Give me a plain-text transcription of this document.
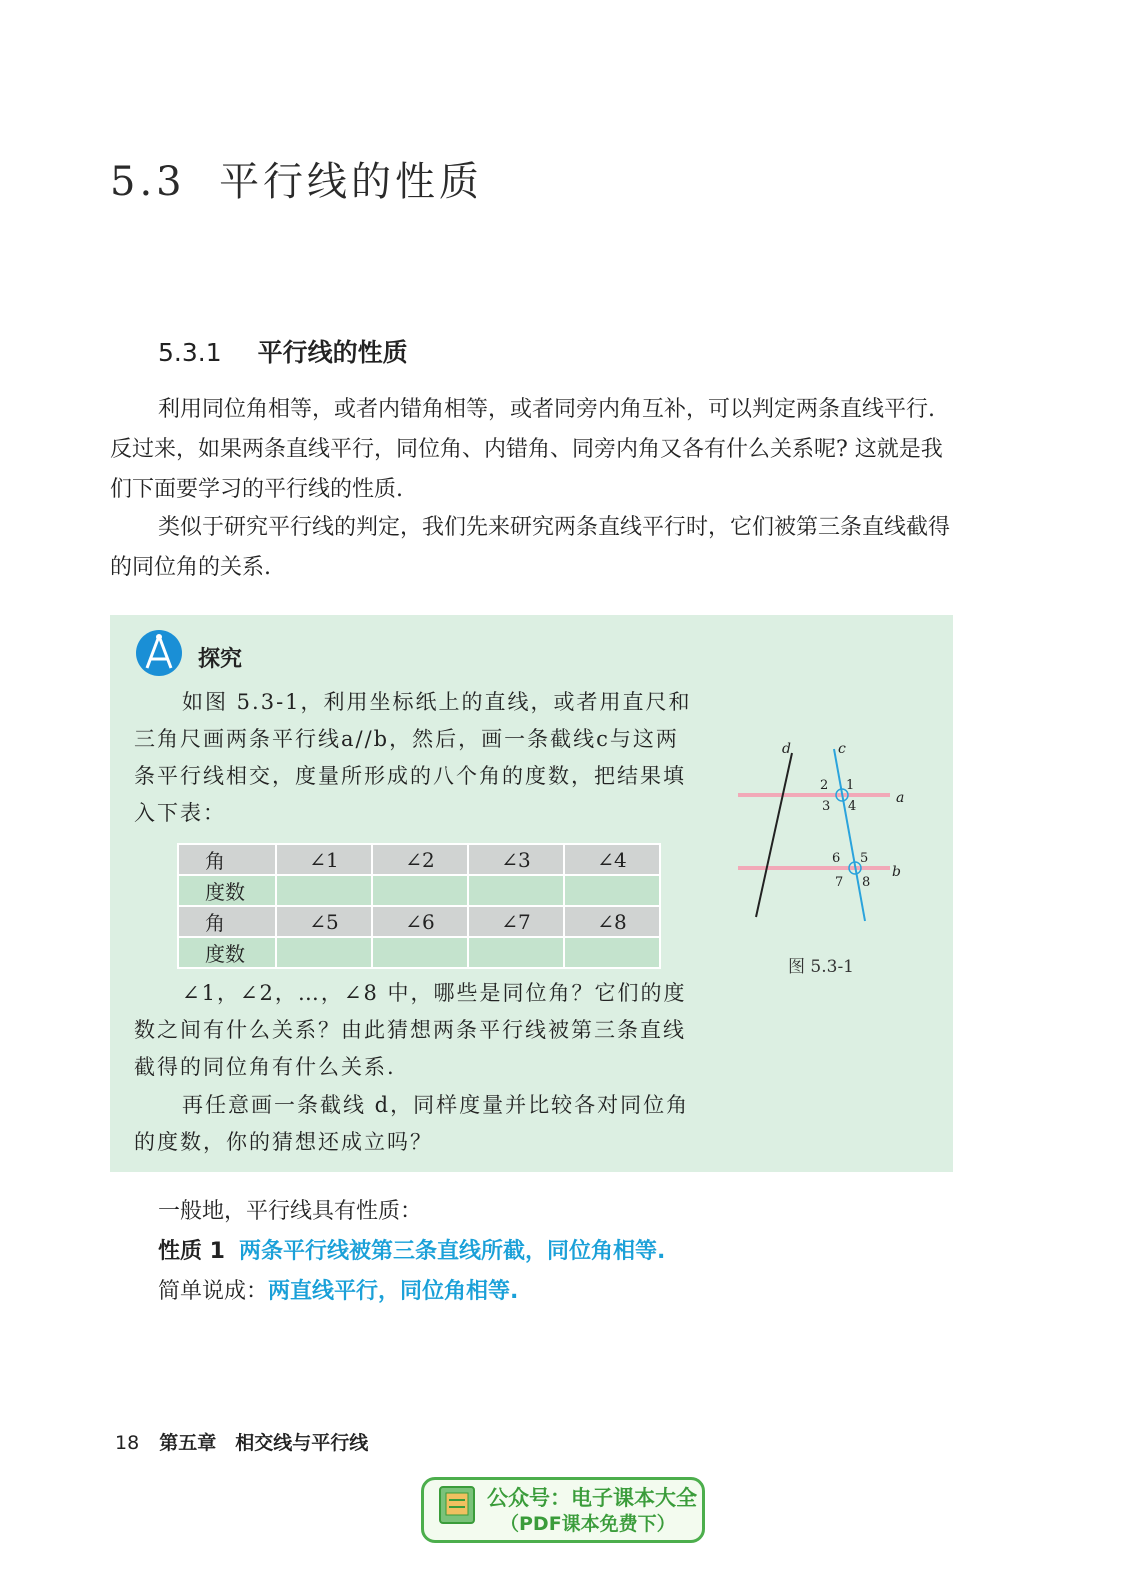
5.3 平行线的性质
5.3.1 平行线的性质
利用同位角相等，或者内错角相等，或者同旁内角互补，可以判定两条直线平行. 反过来，如果两条直线平行，同位角、内错角、同旁内角又各有什么关系呢? 这就是我们下面要学习的平行线的性质.
类似于研究平行线的判定，我们先来研究两条直线平行时，它们被第三条直线截得的同位角的关系.
探究
如图 5.3-1，利用坐标纸上的直线，或者用直尺和三角尺画两条平行线a//b，然后，画一条截线c与这两条平行线相交，度量所形成的八个角的度数，把结果填入下表：
角	∠1	∠2	∠3	∠4
度数				
角	∠5	∠6	∠7	∠8
度数				
d	c
a
b
1
2
3 4
5
6
7 8
图 5.3-1
∠1，∠2，…，∠8 中，哪些是同位角？它们的度数之间有什么关系？由此猜想两条平行线被第三条直线截得的同位角有什么关系.
再任意画一条截线 d，同样度量并比较各对同位角的度数，你的猜想还成立吗？
一般地，平行线具有性质：
性质 1 两条平行线被第三条直线所截，同位角相等.
简单说成：两直线平行，同位角相等.
18 第五章　相交线与平行线
公众号：电子课本大全
（PDF课本免费下）
